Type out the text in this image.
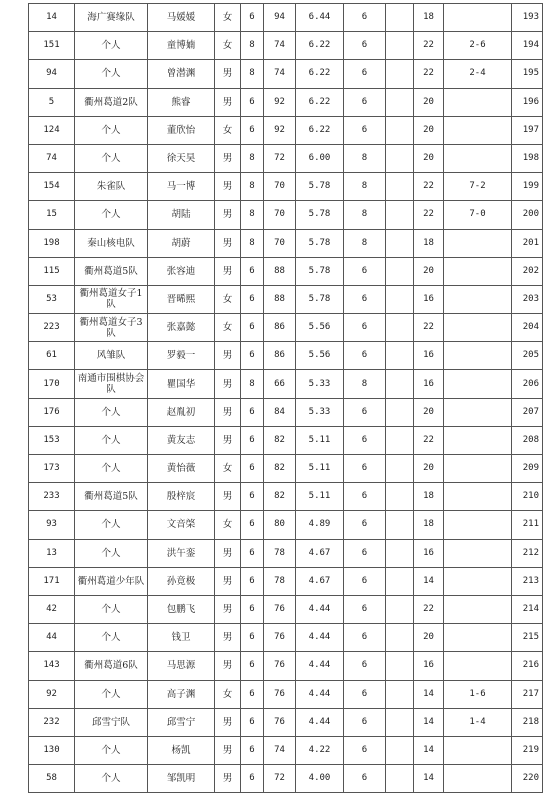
14	海广赛缘队	马媛媛	女	6	94	6.44	6		18		193
151	个人	童博婻	女	8	74	6.22	6		22	2-6	194
94	个人	曾潜渊	男	8	74	6.22	6		22	2-4	195
5	衢州葛道2队	熊睿	男	6	92	6.22	6		20		196
124	个人	董欣怡	女	6	92	6.22	6		20		197
74	个人	徐天昊	男	8	72	6.00	8		20		198
154	朱雀队	马一博	男	8	70	5.78	8		22	7-2	199
15	个人	胡陆	男	8	70	5.78	8		22	7-0	200
198	秦山核电队	胡蔚	男	8	70	5.78	8		18		201
115	衢州葛道5队	张容迪	男	6	88	5.78	6		20		202
53	衢州葛道女子1队	晋晞熙	女	6	88	5.78	6		16		203
223	衢州葛道女子3队	张嘉懿	女	6	86	5.56	6		22		204
61	风雏队	罗毅一	男	6	86	5.56	6		16		205
170	南通市围棋协会队	瞿国华	男	8	66	5.33	8		16		206
176	个人	赵胤初	男	6	84	5.33	6		20		207
153	个人	黄友志	男	6	82	5.11	6		22		208
173	个人	黄怡薇	女	6	82	5.11	6		20		209
233	衢州葛道5队	殷梓宸	男	6	82	5.11	6		18		210
93	个人	文音棨	女	6	80	4.89	6		18		211
13	个人	洪午銮	男	6	78	4.67	6		16		212
171	衢州葛道少年队	孙竟极	男	6	78	4.67	6		14		213
42	个人	包鹏飞	男	6	76	4.44	6		22		214
44	个人	钱卫	男	6	76	4.44	6		20		215
143	衢州葛道6队	马思源	男	6	76	4.44	6		16		216
92	个人	高子渊	女	6	76	4.44	6		14	1-6	217
232	邱雪宁队	邱雪宁	男	6	76	4.44	6		14	1-4	218
130	个人	杨凯	男	6	74	4.22	6		14		219
58	个人	邹凯明	男	6	72	4.00	6		14		220
